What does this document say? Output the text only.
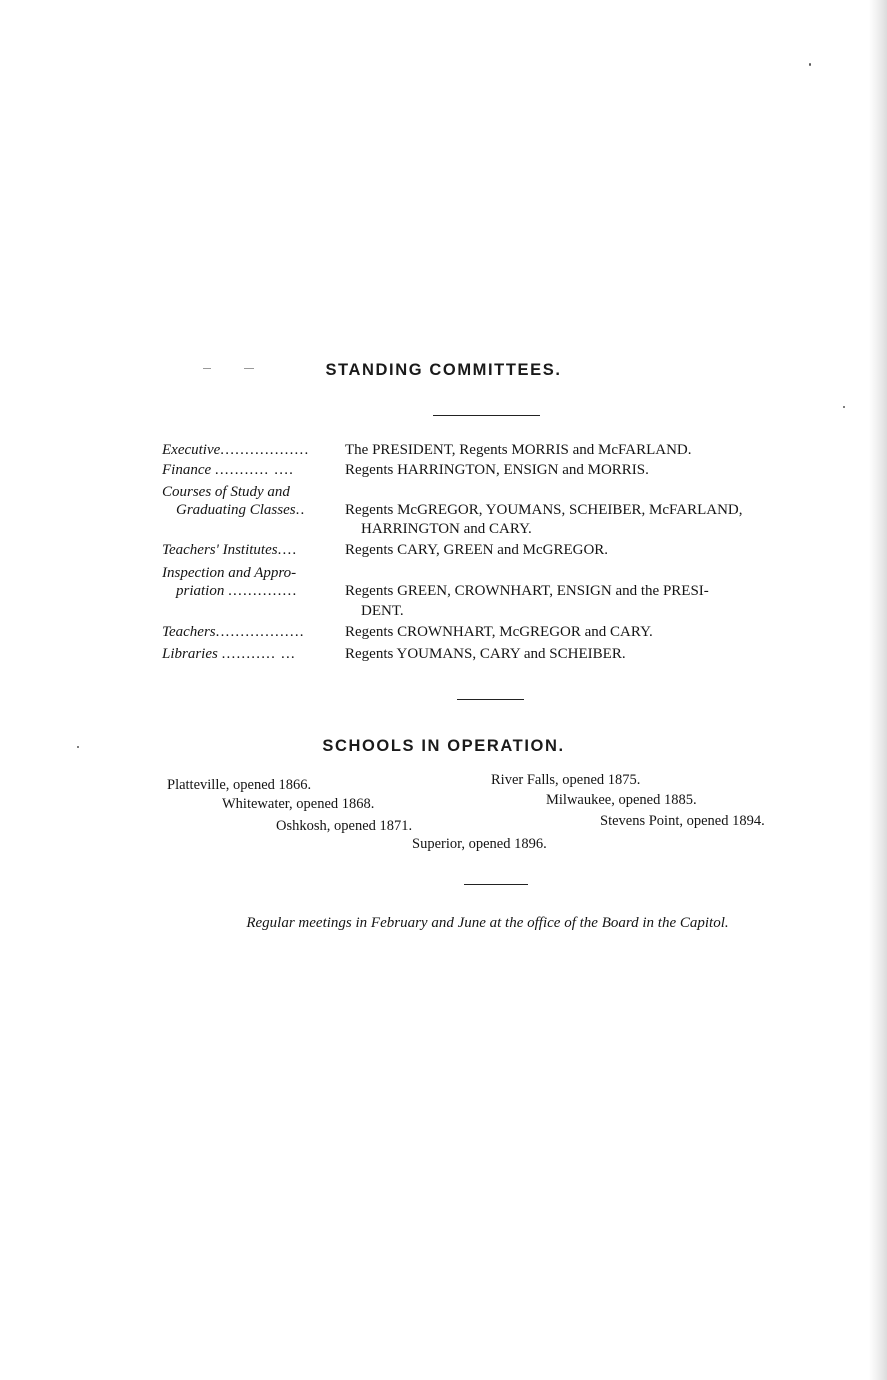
STANDING COMMITTEES.
Executive.................. The PRESIDENT, Regents MORRIS and McFARLAND.
Finance ........... ....	Regents HARRINGTON, ENSIGN and MORRIS.
Courses of Study and
Graduating Classes..	Regents McGREGOR, YOUMANS, SCHEIBER, McFARLAND,
HARRINGTON and CARY.
Teachers' Institutes....	Regents CARY, GREEN and McGREGOR.
Inspection and Appro-
priation ..............	Regents GREEN, CROWNHART, ENSIGN and the PRESI-
DENT.
Teachers..................	Regents CROWNHART, McGREGOR and CARY.
Libraries ........... ...	Regents YOUMANS, CARY and SCHEIBER.
SCHOOLS IN OPERATION.
Platteville, opened 1866.	River Falls, opened 1875.
Whitewater, opened 1868.	Milwaukee, opened 1885.
Oshkosh, opened 1871.	Stevens Point, opened 1894.
Superior, opened 1896.
Regular meetings in February and June at the office of the Board in the Capitol.
